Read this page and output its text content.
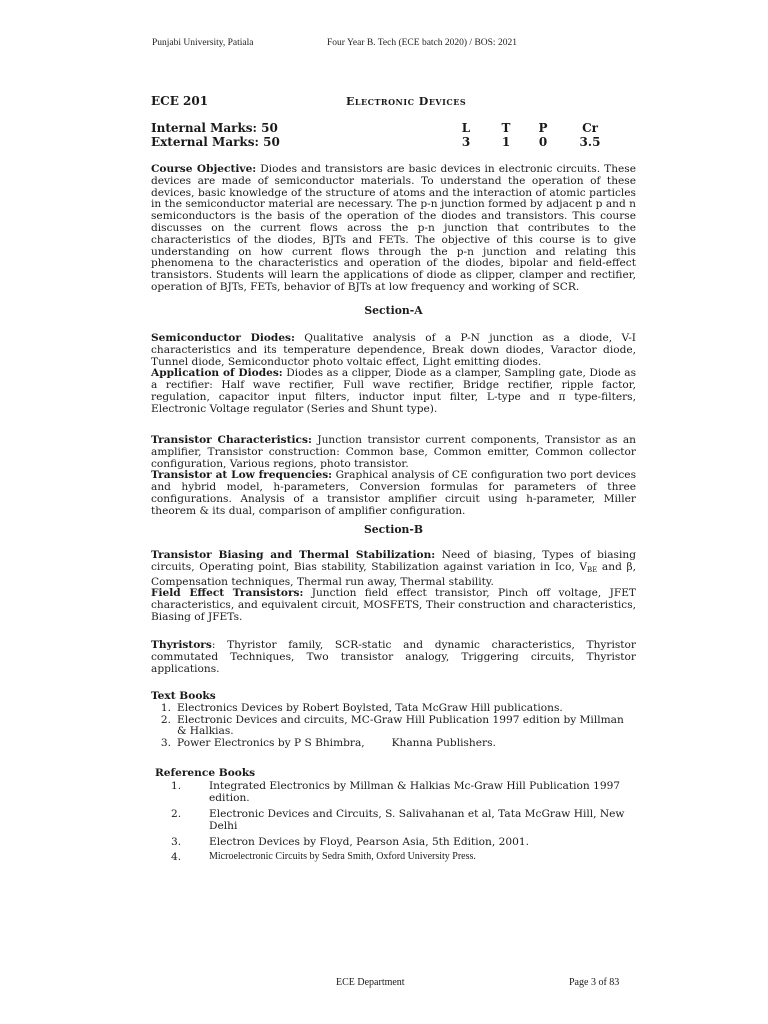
Punjabi University, Patiala	Four Year B. Tech (ECE batch 2020) / BOS: 2021
ECE 201	Electronic Devices
Internal Marks: 50
External Marks: 50
L	T	P	Cr
3	1	0	3.5
Course Objective: Diodes and transistors are basic devices in electronic circuits. These devices are made of semiconductor materials. To understand the operation of these devices, basic knowledge of the structure of atoms and the interaction of atomic particles in the semiconductor material are necessary. The p-n junction formed by adjacent p and n semiconductors is the basis of the operation of the diodes and transistors. This course discusses on the current flows across the p-n junction that contributes to the characteristics of the diodes, BJTs and FETs. The objective of this course is to give understanding on how current flows through the p-n junction and relating this phenomena to the characteristics and operation of the diodes, bipolar and field-effect transistors. Students will learn the applications of diode as clipper, clamper and rectifier, operation of BJTs, FETs, behavior of BJTs at low frequency and working of SCR.
Section-A
Semiconductor Diodes: Qualitative analysis of a P-N junction as a diode, V-I characteristics and its temperature dependence, Break down diodes, Varactor diode, Tunnel diode, Semiconductor photo voltaic effect, Light emitting diodes.
Application of Diodes: Diodes as a clipper, Diode as a clamper, Sampling gate, Diode as a rectifier: Half wave rectifier, Full wave rectifier, Bridge rectifier, ripple factor, regulation, capacitor input filters, inductor input filter, L-type and π type-filters, Electronic Voltage regulator (Series and Shunt type).
Transistor Characteristics: Junction transistor current components, Transistor as an amplifier, Transistor construction: Common base, Common emitter, Common collector configuration, Various regions, photo transistor.
Transistor at Low frequencies: Graphical analysis of CE configuration two port devices and hybrid model, h-parameters, Conversion formulas for parameters of three configurations. Analysis of a transistor amplifier circuit using h-parameter, Miller theorem & its dual, comparison of amplifier configuration.
Section-B
Transistor Biasing and Thermal Stabilization: Need of biasing, Types of biasing circuits, Operating point, Bias stability, Stabilization against variation in Ico, $V_{BE}$ and β, Compensation techniques, Thermal run away, Thermal stability.
Field Effect Transistors: Junction field effect transistor, Pinch off voltage, JFET characteristics, and equivalent circuit, MOSFETS, Their construction and characteristics, Biasing of JFETs.
Thyristors: Thyristor family, SCR-static and dynamic characteristics, Thyristor commutated Techniques, Two transistor analogy, Triggering circuits, Thyristor applications.
Text Books
1. Electronics Devices by Robert Boylsted, Tata McGraw Hill publications.
2. Electronic Devices and circuits, MC-Graw Hill Publication 1997 edition by Millman & Halkias.
3. Power Electronics by P S Bhimbra,        Khanna Publishers.
Reference Books
1.	Integrated Electronics by Millman & Halkias Mc-Graw Hill Publication 1997 edition.
2.	Electronic Devices and Circuits, S. Salivahanan et al, Tata McGraw Hill, New Delhi
3.	Electron Devices by Floyd, Pearson Asia, 5th Edition, 2001.
4.	Microelectronic Circuits by Sedra Smith, Oxford University Press.
ECE Department	Page 3 of 83
